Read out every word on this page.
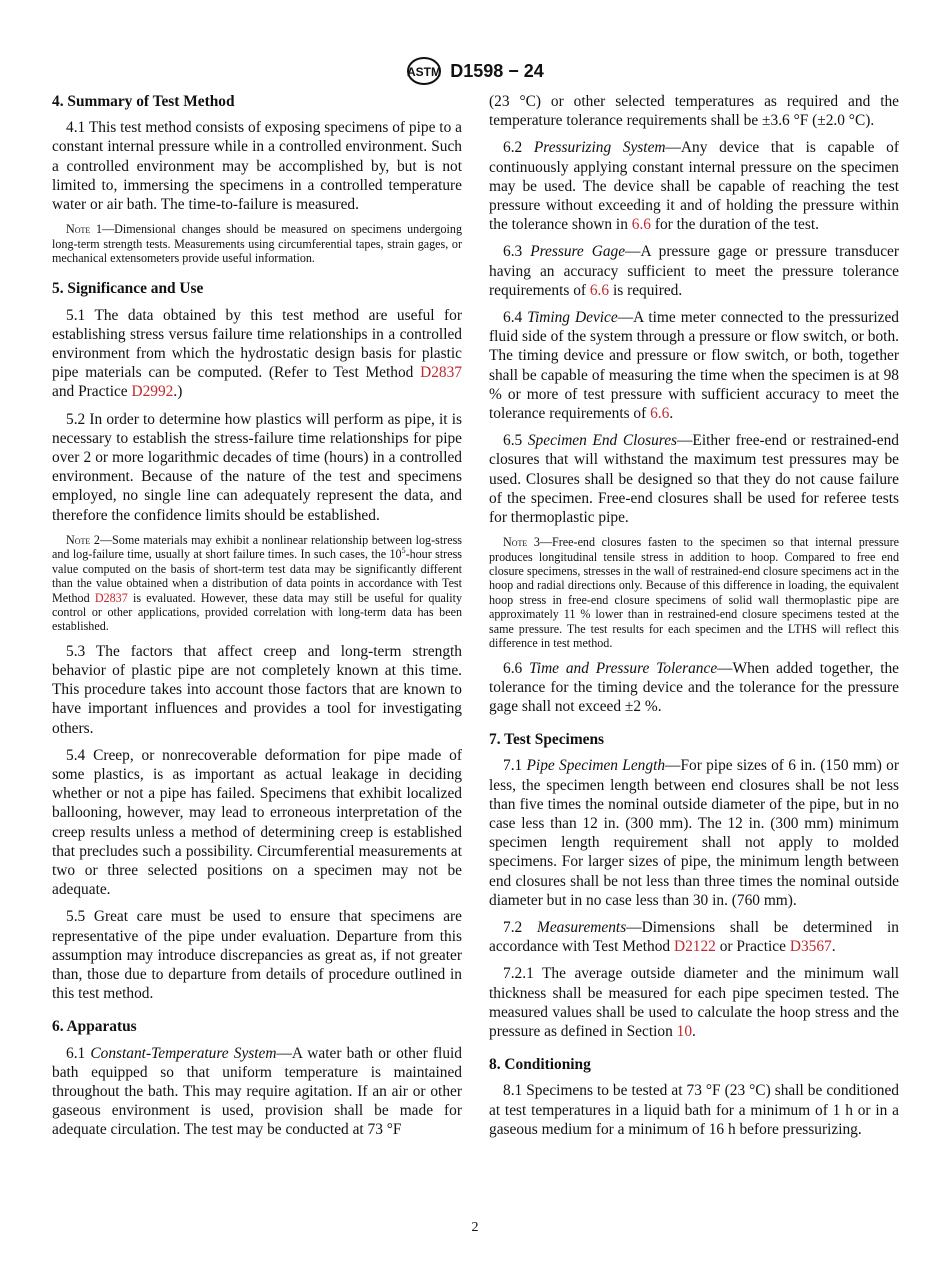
ASTM D1598 − 24
4. Summary of Test Method
4.1 This test method consists of exposing specimens of pipe to a constant internal pressure while in a controlled environment. Such a controlled environment may be accomplished by, but is not limited to, immersing the specimens in a controlled temperature water or air bath. The time-to-failure is measured.
Note 1—Dimensional changes should be measured on specimens undergoing long-term strength tests. Measurements using circumferential tapes, strain gages, or mechanical extensometers provide useful information.
5. Significance and Use
5.1 The data obtained by this test method are useful for establishing stress versus failure time relationships in a controlled environment from which the hydrostatic design basis for plastic pipe materials can be computed. (Refer to Test Method D2837 and Practice D2992.)
5.2 In order to determine how plastics will perform as pipe, it is necessary to establish the stress-failure time relationships for pipe over 2 or more logarithmic decades of time (hours) in a controlled environment. Because of the nature of the test and specimens employed, no single line can adequately represent the data, and therefore the confidence limits should be established.
Note 2—Some materials may exhibit a nonlinear relationship between log-stress and log-failure time, usually at short failure times. In such cases, the $10^5$-hour stress value computed on the basis of short-term test data may be significantly different than the value obtained when a distribution of data points in accordance with Test Method D2837 is evaluated. However, these data may still be useful for quality control or other applications, provided correlation with long-term data has been established.
5.3 The factors that affect creep and long-term strength behavior of plastic pipe are not completely known at this time. This procedure takes into account those factors that are known to have important influences and provides a tool for investigating others.
5.4 Creep, or nonrecoverable deformation for pipe made of some plastics, is as important as actual leakage in deciding whether or not a pipe has failed. Specimens that exhibit localized ballooning, however, may lead to erroneous interpretation of the creep results unless a method of determining creep is established that precludes such a possibility. Circumferential measurements at two or three selected positions on a specimen may not be adequate.
5.5 Great care must be used to ensure that specimens are representative of the pipe under evaluation. Departure from this assumption may introduce discrepancies as great as, if not greater than, those due to departure from details of procedure outlined in this test method.
6. Apparatus
6.1 Constant-Temperature System—A water bath or other fluid bath equipped so that uniform temperature is maintained throughout the bath. This may require agitation. If an air or other gaseous environment is used, provision shall be made for adequate circulation. The test may be conducted at 73 °F
(23 °C) or other selected temperatures as required and the temperature tolerance requirements shall be ±3.6 °F (±2.0 °C).
6.2 Pressurizing System—Any device that is capable of continuously applying constant internal pressure on the specimen may be used. The device shall be capable of reaching the test pressure without exceeding it and of holding the pressure within the tolerance shown in 6.6 for the duration of the test.
6.3 Pressure Gage—A pressure gage or pressure transducer having an accuracy sufficient to meet the pressure tolerance requirements of 6.6 is required.
6.4 Timing Device—A time meter connected to the pressurized fluid side of the system through a pressure or flow switch, or both. The timing device and pressure or flow switch, or both, together shall be capable of measuring the time when the specimen is at 98 % or more of test pressure with sufficient accuracy to meet the tolerance requirements of 6.6.
6.5 Specimen End Closures—Either free-end or restrained-end closures that will withstand the maximum test pressures may be used. Closures shall be designed so that they do not cause failure of the specimen. Free-end closures shall be used for referee tests for thermoplastic pipe.
Note 3—Free-end closures fasten to the specimen so that internal pressure produces longitudinal tensile stress in addition to hoop. Compared to free end closure specimens, stresses in the wall of restrained-end closure specimens act in the hoop and radial directions only. Because of this difference in loading, the equivalent hoop stress in free-end closure specimens of solid wall thermoplastic pipe are approximately 11 % lower than in restrained-end closure specimens tested at the same pressure. The test results for each specimen and the LTHS will reflect this difference in test method.
6.6 Time and Pressure Tolerance—When added together, the tolerance for the timing device and the tolerance for the pressure gage shall not exceed ±2 %.
7. Test Specimens
7.1 Pipe Specimen Length—For pipe sizes of 6 in. (150 mm) or less, the specimen length between end closures shall be not less than five times the nominal outside diameter of the pipe, but in no case less than 12 in. (300 mm). The 12 in. (300 mm) minimum specimen length requirement shall not apply to molded specimens. For larger sizes of pipe, the minimum length between end closures shall be not less than three times the nominal outside diameter but in no case less than 30 in. (760 mm).
7.2 Measurements—Dimensions shall be determined in accordance with Test Method D2122 or Practice D3567.
7.2.1 The average outside diameter and the minimum wall thickness shall be measured for each pipe specimen tested. The measured values shall be used to calculate the hoop stress and the pressure as defined in Section 10.
8. Conditioning
8.1 Specimens to be tested at 73 °F (23 °C) shall be conditioned at test temperatures in a liquid bath for a minimum of 1 h or in a gaseous medium for a minimum of 16 h before pressurizing.
2
